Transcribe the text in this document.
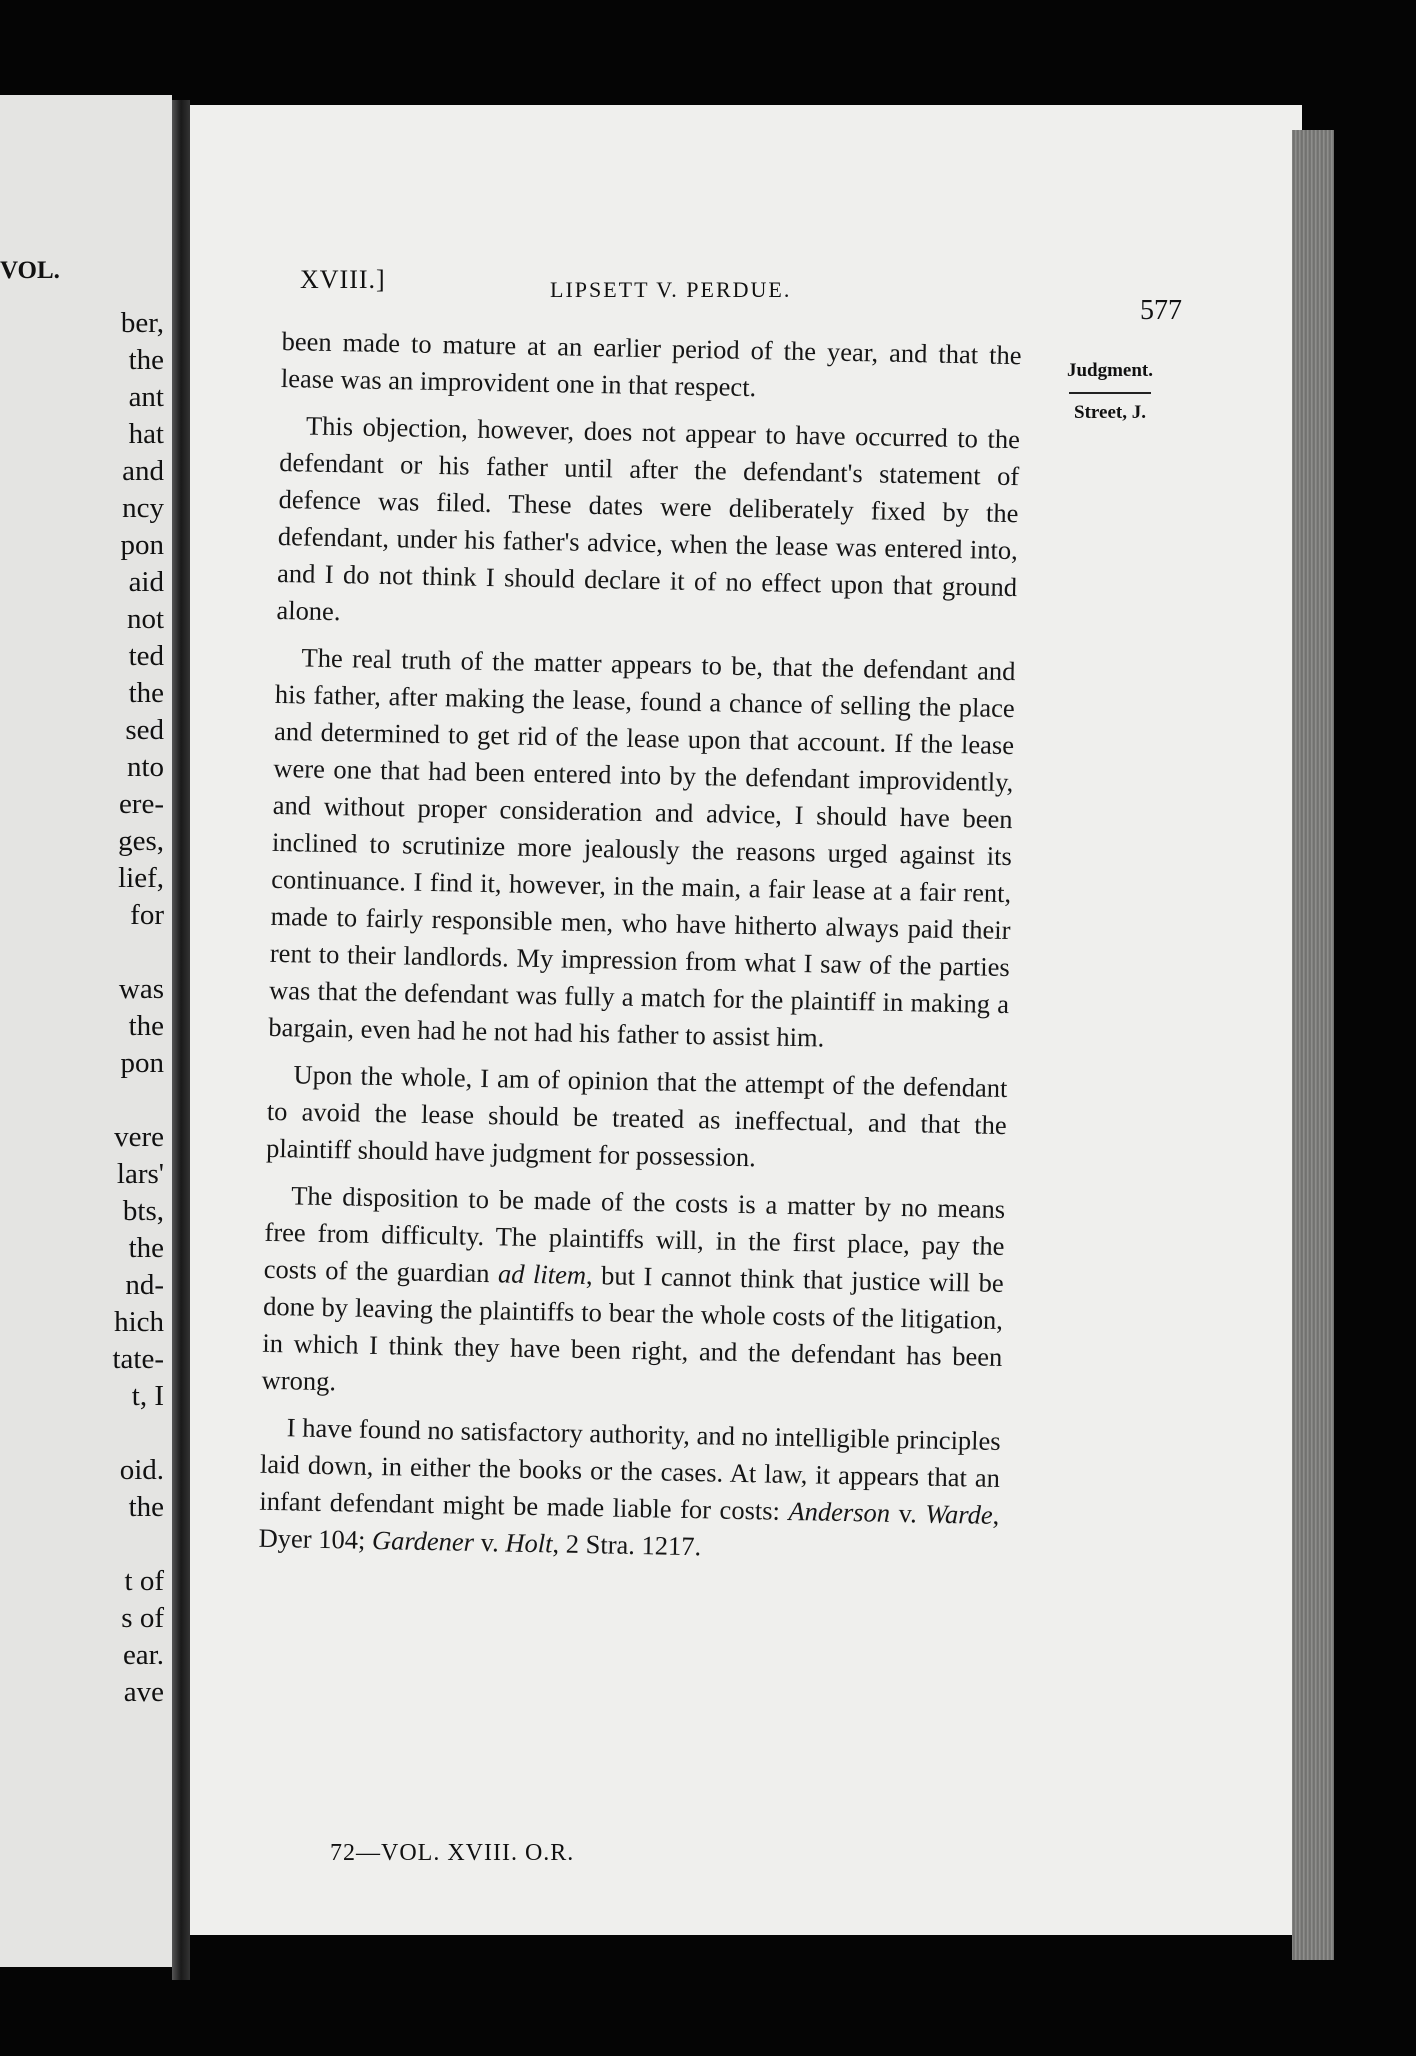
VOL.
ber,
the
ant
hat
and
ncy
pon
aid
not
ted
the
sed
nto
ere-
ges,
lief,
for
was
the
pon
vere
lars'
bts,
the
nd-
hich
tate-
t, I
oid.
the
t of
s of
ear.
ave
XVIII.]	LIPSETT V. PERDUE.
577
Judgment.
Street, J.

been made to mature at an earlier period of the year, and that the lease was an improvident one in that respect.

This objection, however, does not appear to have occurred to the defendant or his father until after the defendant's statement of defence was filed. These dates were deliberately fixed by the defendant, under his father's advice, when the lease was entered into, and I do not think I should declare it of no effect upon that ground alone.

The real truth of the matter appears to be, that the defendant and his father, after making the lease, found a chance of selling the place and determined to get rid of the lease upon that account. If the lease were one that had been entered into by the defendant improvidently, and without proper consideration and advice, I should have been inclined to scrutinize more jealously the reasons urged against its continuance. I find it, however, in the main, a fair lease at a fair rent, made to fairly responsible men, who have hitherto always paid their rent to their landlords. My impression from what I saw of the parties was that the defendant was fully a match for the plaintiff in making a bargain, even had he not had his father to assist him.

Upon the whole, I am of opinion that the attempt of the defendant to avoid the lease should be treated as ineffectual, and that the plaintiff should have judgment for possession.

The disposition to be made of the costs is a matter by no means free from difficulty. The plaintiffs will, in the first place, pay the costs of the guardian ad litem, but I cannot think that justice will be done by leaving the plaintiffs to bear the whole costs of the litigation, in which I think they have been right, and the defendant has been wrong.

I have found no satisfactory authority, and no intelligible principles laid down, in either the books or the cases. At law, it appears that an infant defendant might be made liable for costs: Anderson v. Warde, Dyer 104; Gardener v. Holt, 2 Stra. 1217.

72—VOL. XVIII. O.R.
